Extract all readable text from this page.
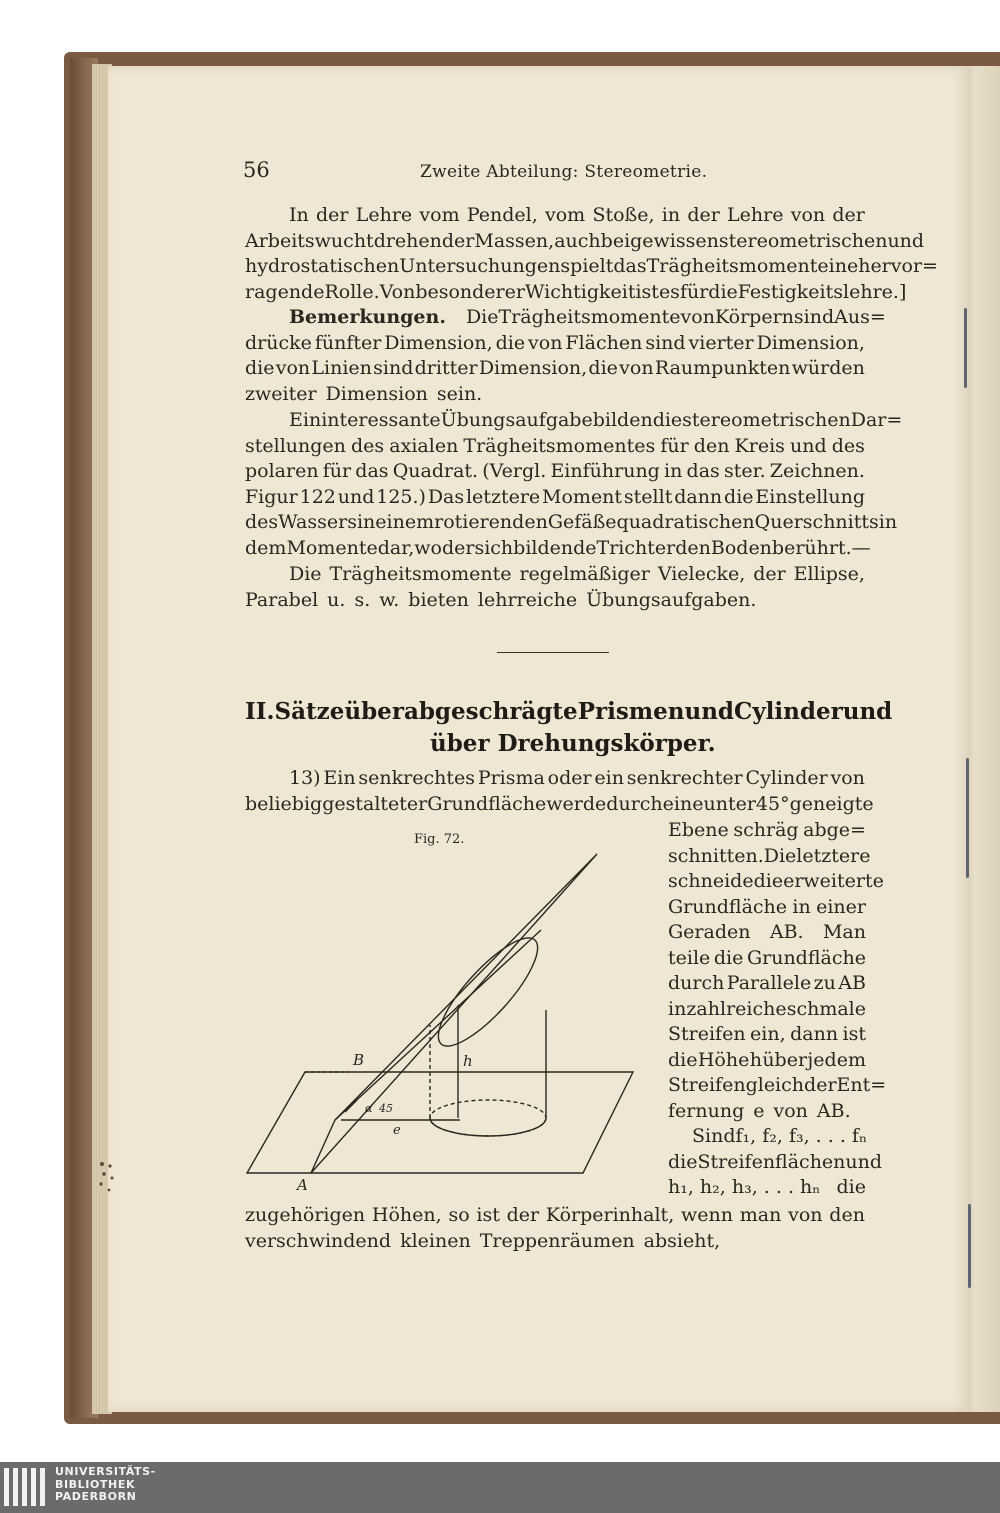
56	Zweite Abteilung: Stereometrie.
In der Lehre vom Pendel, vom Stoße, in der Lehre von der
Arbeitswucht drehender Massen, auch bei gewissen stereometrischen und
hydrostatischen Untersuchungen spielt das Trägheitsmoment eine hervor=
ragende Rolle. Von besonderer Wichtigkeit ist es für die Festigkeitslehre.]
Bemerkungen. Die Trägheitsmomente von Körpern sind Aus=
drücke fünfter Dimension, die von Flächen sind vierter Dimension,
die von Linien sind dritter Dimension, die von Raumpunkten würden
zweiter Dimension sein.
Ein interessante Übungsaufgabe bilden die stereometrischen Dar=
stellungen des axialen Trägheitsmomentes für den Kreis und des
polaren für das Quadrat. (Vergl. Einführung in das ster. Zeichnen.
Figur 122 und 125.) Das letztere Moment stellt dann die Einstellung
des Wassers in einem rotierenden Gefäße quadratischen Querschnitts in
dem Momente dar, wo der sich bildende Trichter den Boden berührt. —
Die Trägheitsmomente regelmäßiger Vielecke, der Ellipse,
Parabel u. s. w. bieten lehrreiche Übungsaufgaben.
II. Sätze über abgeschrägte Prismen und Cylinder und
über Drehungskörper.
13) Ein senkrechtes Prisma oder ein senkrechter Cylinder von
beliebig gestalteter Grundfläche werde durch eine unter 45° geneigte
Fig. 72.
B	h
A
e
α 45
Ebene schräg abge=
schnitten. Die letztere
schneide die erweiterte
Grundfläche in einer
Geraden AB. Man
teile die Grundfläche
durch Parallele zu AB
in zahlreiche schmale
Streifen ein, dann ist
die Höhe h über jedem
Streifen gleich der Ent=
fernung e von AB.
Sind f₁, f₂, f₃, . . . fₙ
die Streifenflächen und
h₁, h₂, h₃, . . . hₙ die
zugehörigen Höhen, so ist der Körperinhalt, wenn man von den
verschwindend kleinen Treppenräumen absieht,
UNIVERSITÄTS-
BIBLIOTHEK
PADERBORN
